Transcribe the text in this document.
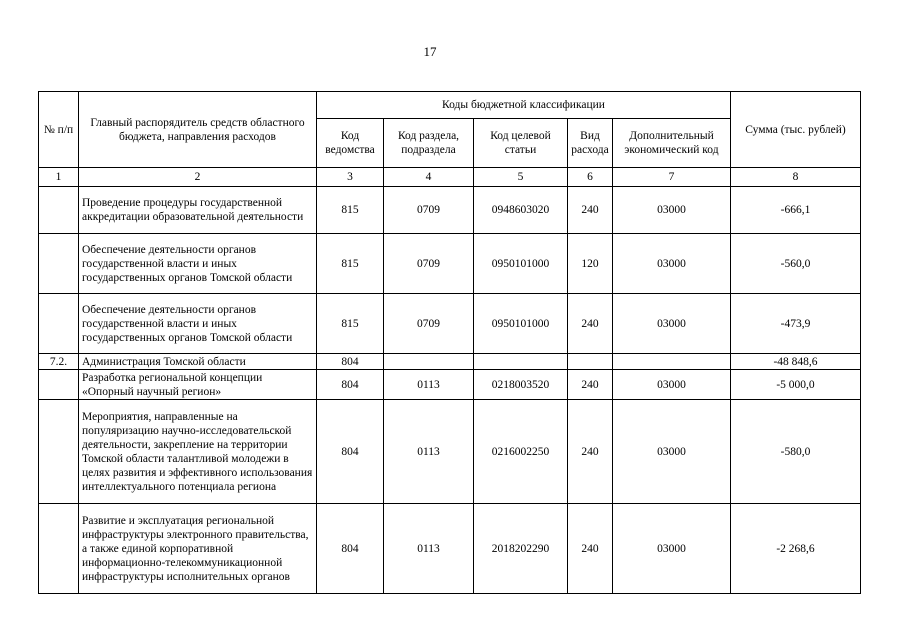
17
№ п/п	Главный распорядитель средств областного бюджета, направления расходов	Коды бюджетной классификации					Сумма (тыс. рублей)
		Код ведомства	Код раздела, подраздела	Код целевой статьи	Вид расхода	Дополнительный экономический код	
1	2	3	4	5	6	7	8
	Проведение процедуры государственной аккредитации образовательной деятельности	815	0709	0948603020	240	03000	-666,1
	Обеспечение деятельности органов государственной власти и иных государственных органов Томской области	815	0709	0950101000	120	03000	-560,0
	Обеспечение деятельности органов государственной власти и иных государственных органов Томской области	815	0709	0950101000	240	03000	-473,9
7.2.	Администрация Томской области	804					-48 848,6
	Разработка региональной концепции «Опорный научный регион»	804	0113	0218003520	240	03000	-5 000,0
	Мероприятия, направленные на популяризацию научно-исследовательской деятельности, закрепление на территории Томской области талантливой молодежи в целях развития и эффективного использования интеллектуального потенциала региона	804	0113	0216002250	240	03000	-580,0
	Развитие и эксплуатация региональной инфраструктуры электронного правительства, а также единой корпоративной информационно-телекоммуникационной инфраструктуры исполнительных органов	804	0113	2018202290	240	03000	-2 268,6
